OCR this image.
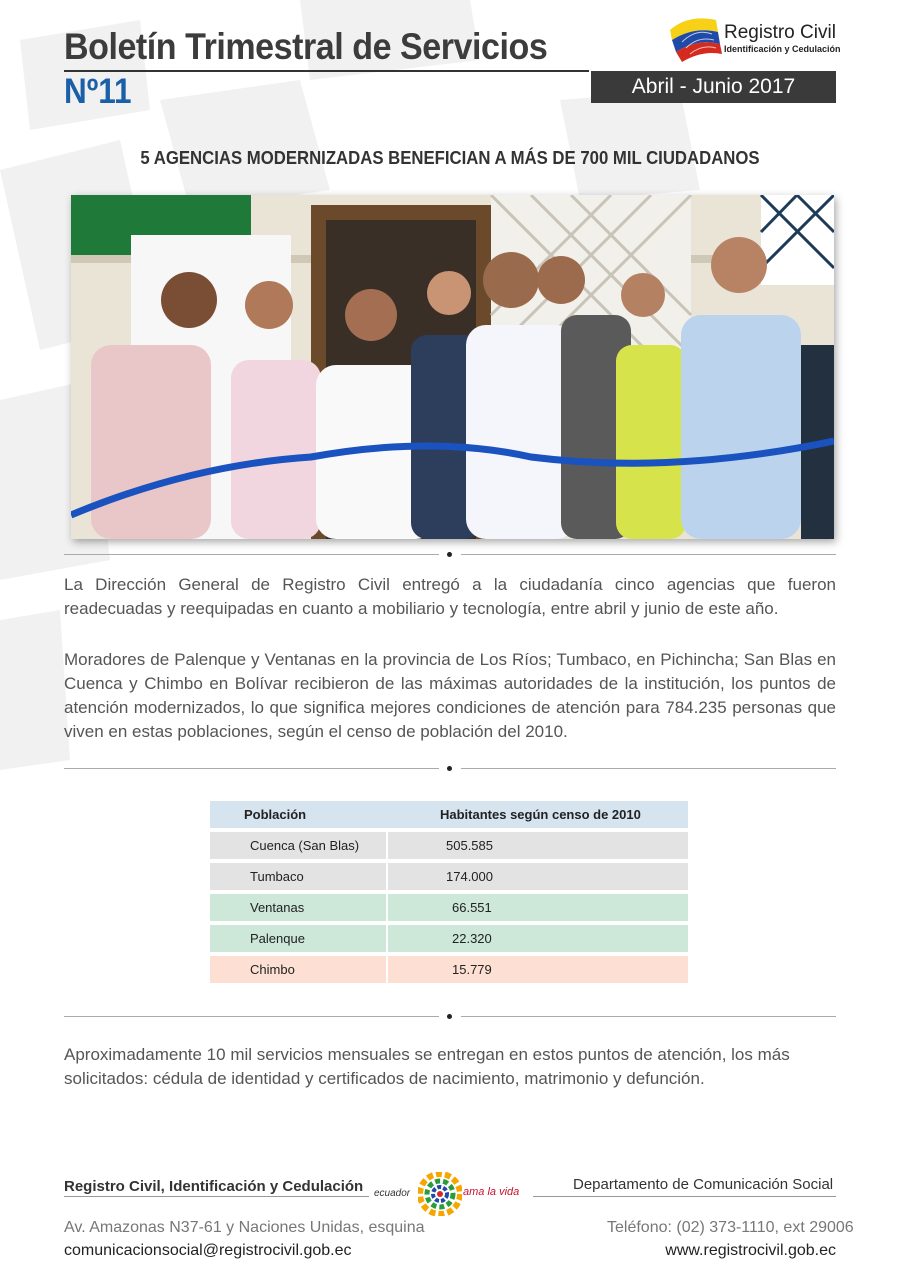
Boletín Trimestral de Servicios
Nº11	Abril - Junio 2017
Registro Civil
Identificación y Cedulación
5 AGENCIAS MODERNIZADAS BENEFICIAN A MÁS DE 700 MIL CIUDADANOS
La Dirección General de Registro Civil entregó a la ciudadanía cinco agencias que fueron readecuadas y reequipadas en cuanto a mobiliario y tecnología, entre abril y junio de este año.
Moradores de Palenque y Ventanas en la provincia de Los Ríos; Tumbaco, en Pichincha; San Blas en Cuenca y Chimbo en Bolívar recibieron de las máximas autoridades de la institución, los puntos de atención modernizados, lo que significa mejores condiciones de atención para 784.235 personas que viven en estas poblaciones, según el censo de población del 2010.
Población		Habitantes según censo de 2010
Cuenca (San Blas)		505.585
Tumbaco		174.000
Ventanas		66.551
Palenque		22.320
Chimbo		15.779
Aproximadamente 10 mil servicios mensuales se entregan en estos puntos de atención, los más solicitados: cédula de identidad y certificados de nacimiento, matrimonio y defunción.
Registro Civil, Identificación y Cedulación ecuador	ama la vida	Departamento de Comunicación Social
Av. Amazonas N37-61 y Naciones Unidas, esquina
comunicacionsocial@registrocivil.gob.ec
Teléfono: (02) 373-1110, ext 29006
www.registrocivil.gob.ec
